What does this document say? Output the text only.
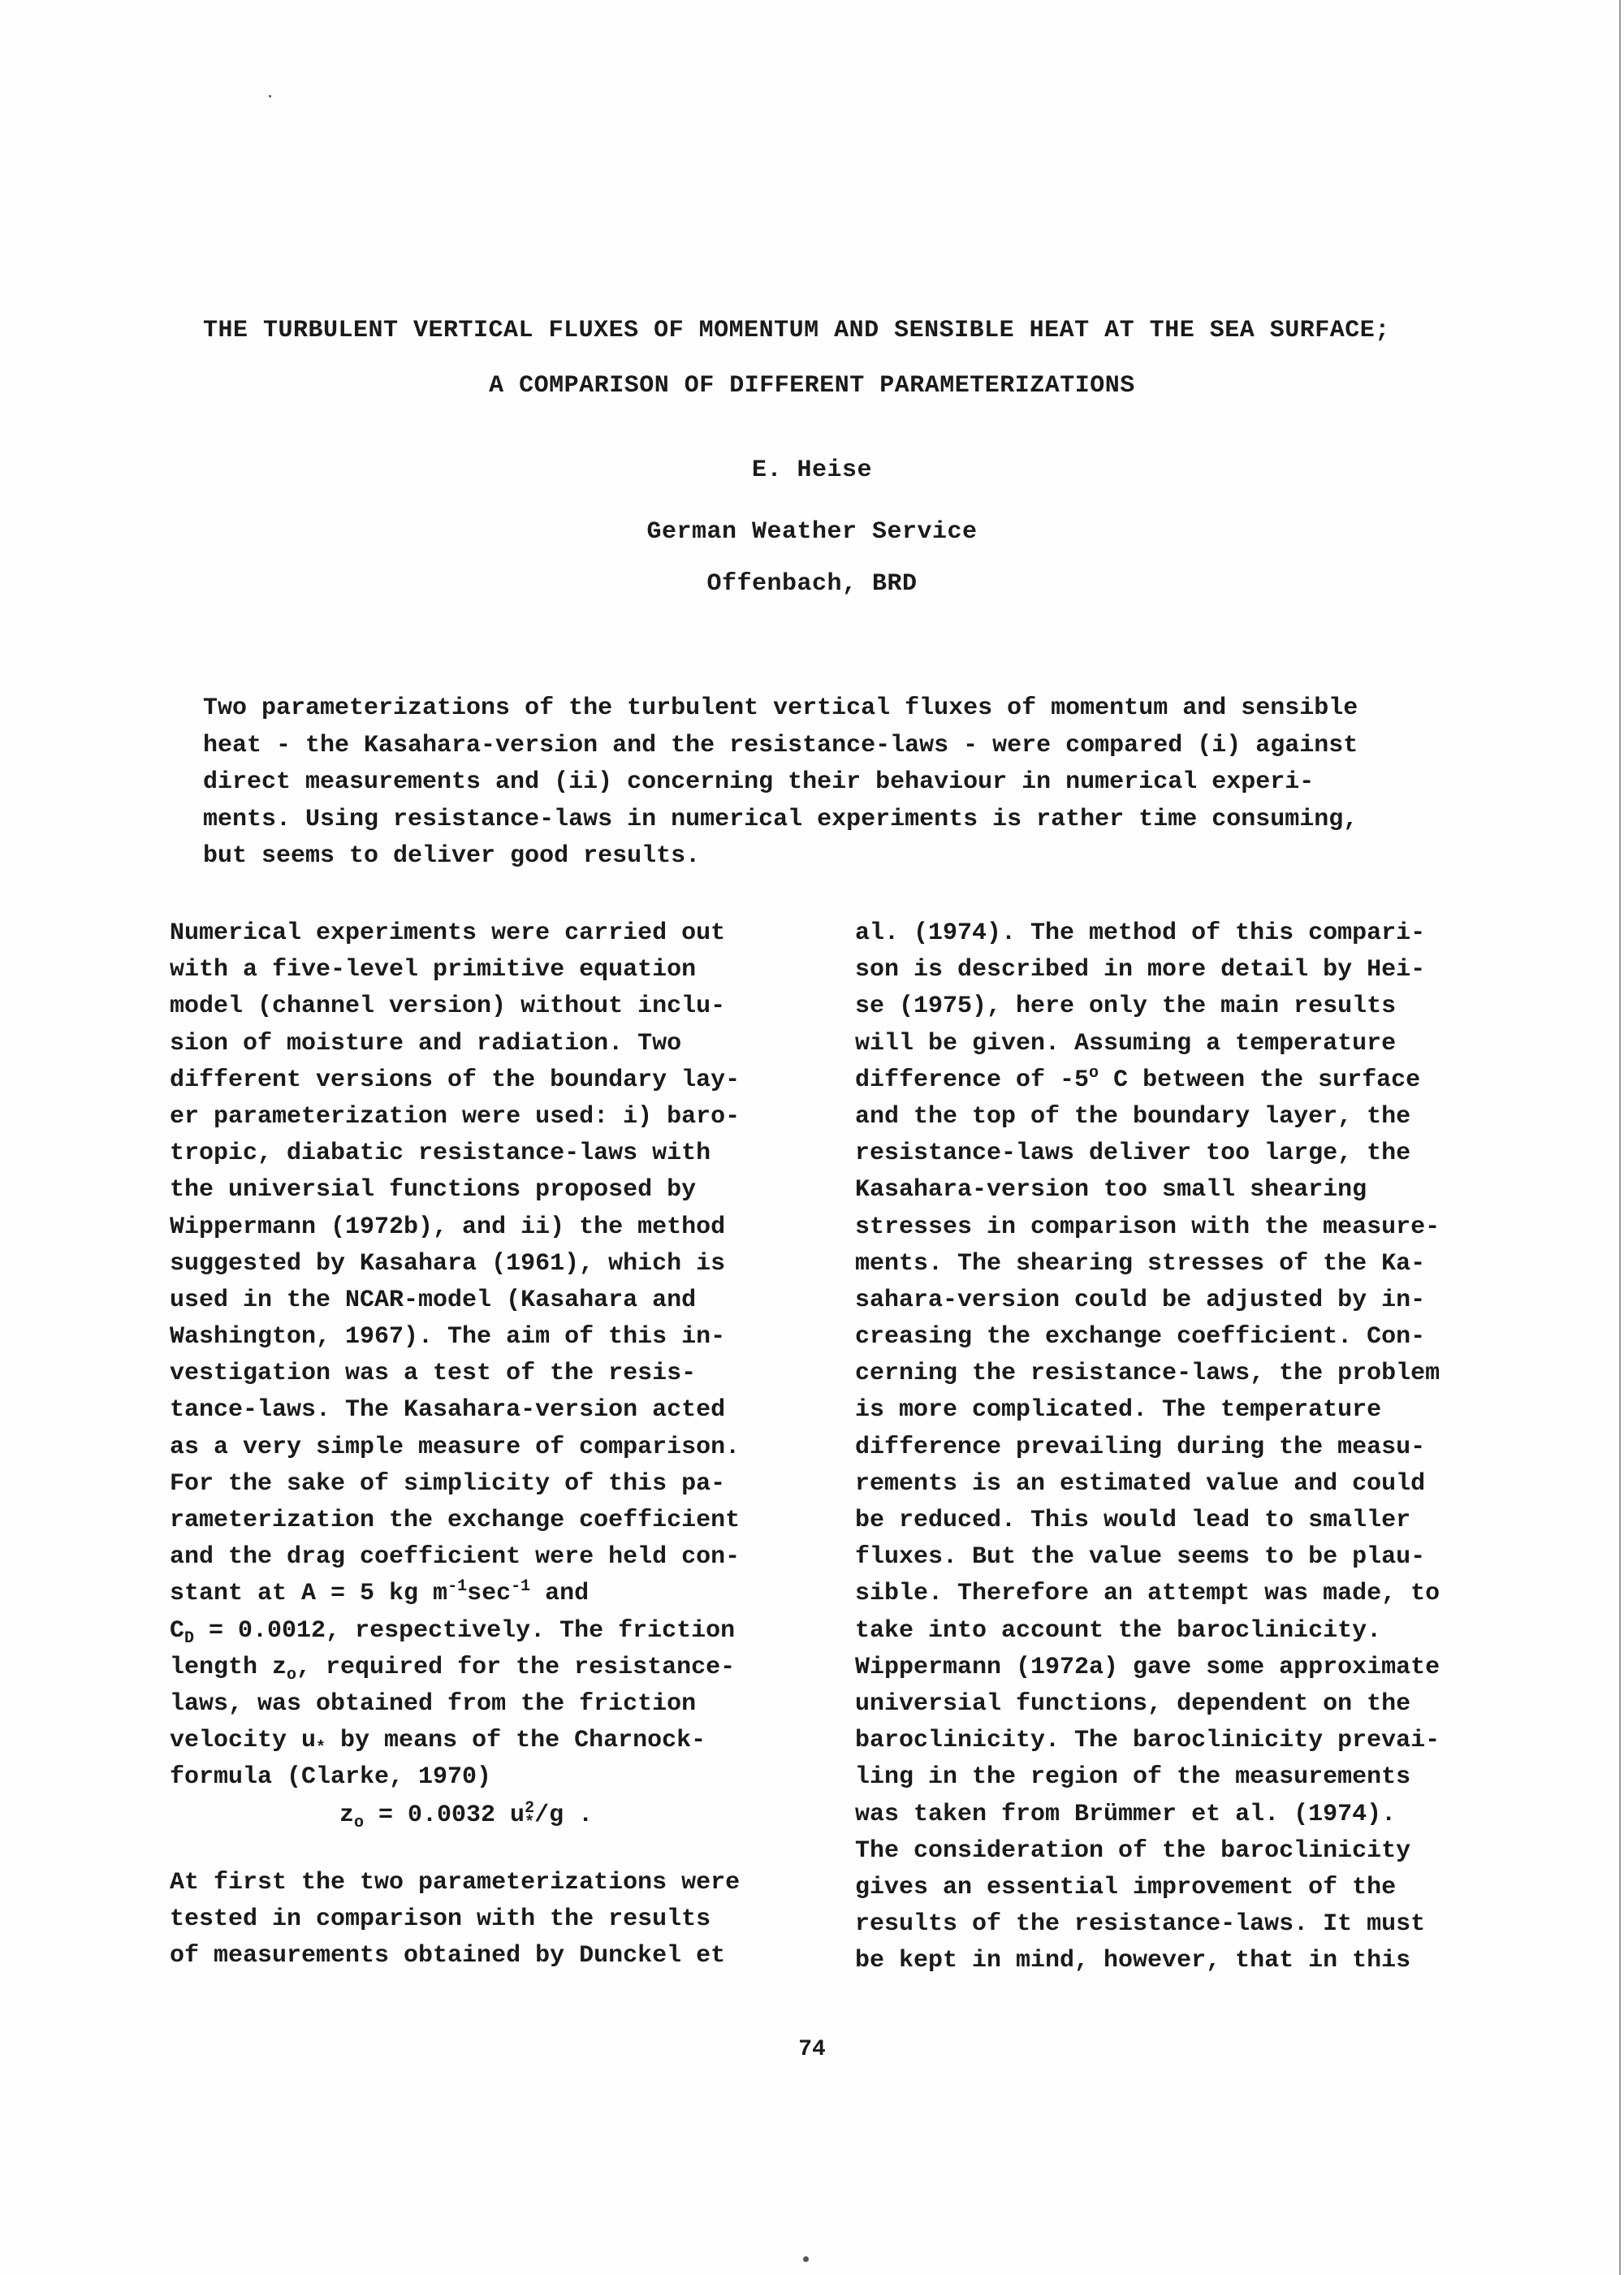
THE TURBULENT VERTICAL FLUXES OF MOMENTUM AND SENSIBLE HEAT AT THE SEA SURFACE;
A COMPARISON OF DIFFERENT PARAMETERIZATIONS
E. Heise
German Weather Service
Offenbach, BRD
Two parameterizations of the turbulent vertical fluxes of momentum and sensible
heat - the Kasahara-version and the resistance-laws - were compared (i) against
direct measurements and (ii) concerning their behaviour in numerical experi-
ments. Using resistance-laws in numerical experiments is rather time consuming,
but seems to deliver good results.
Numerical experiments were carried out
with a five-level primitive equation
model (channel version) without inclu-
sion of moisture and radiation. Two
different versions of the boundary lay-
er parameterization were used: i) baro-
tropic, diabatic resistance-laws with
the universial functions proposed by
Wippermann (1972b), and ii) the method
suggested by Kasahara (1961), which is
used in the NCAR-model (Kasahara and
Washington, 1967). The aim of this in-
vestigation was a test of the resis-
tance-laws. The Kasahara-version acted
as a very simple measure of comparison.
For the sake of simplicity of this pa-
rameterization the exchange coefficient
and the drag coefficient were held con-
stant at A = 5 kg $m^{-1}\sec^{-1}$ and
$C_D = 0.0012$, respectively. The friction
length $z_o$, required for the resistance-
laws, was obtained from the friction
velocity $u_*$ by means of the Charnock-
formula (Clarke, 1970)
$z_o = 0.0032$ $u^2_*/g$ .
At first the two parameterizations were
tested in comparison with the results
of measurements obtained by Dunckel et
al. (1974). The method of this compari-
son is described in more detail by Hei-
se (1975), here only the main results
will be given. Assuming a temperature
difference of -5$^o$ C between the surface
and the top of the boundary layer, the
resistance-laws deliver too large, the
Kasahara-version too small shearing
stresses in comparison with the measure-
ments. The shearing stresses of the Ka-
sahara-version could be adjusted by in-
creasing the exchange coefficient. Con-
cerning the resistance-laws, the problem
is more complicated. The temperature
difference prevailing during the measu-
rements is an estimated value and could
be reduced. This would lead to smaller
fluxes. But the value seems to be plau-
sible. Therefore an attempt was made, to
take into account the baroclinicity.
Wippermann (1972a) gave some approximate
universial functions, dependent on the
baroclinicity. The baroclinicity prevai-
ling in the region of the measurements
was taken from Brümmer et al. (1974).
The consideration of the baroclinicity
gives an essential improvement of the
results of the resistance-laws. It must
be kept in mind, however, that in this
74
